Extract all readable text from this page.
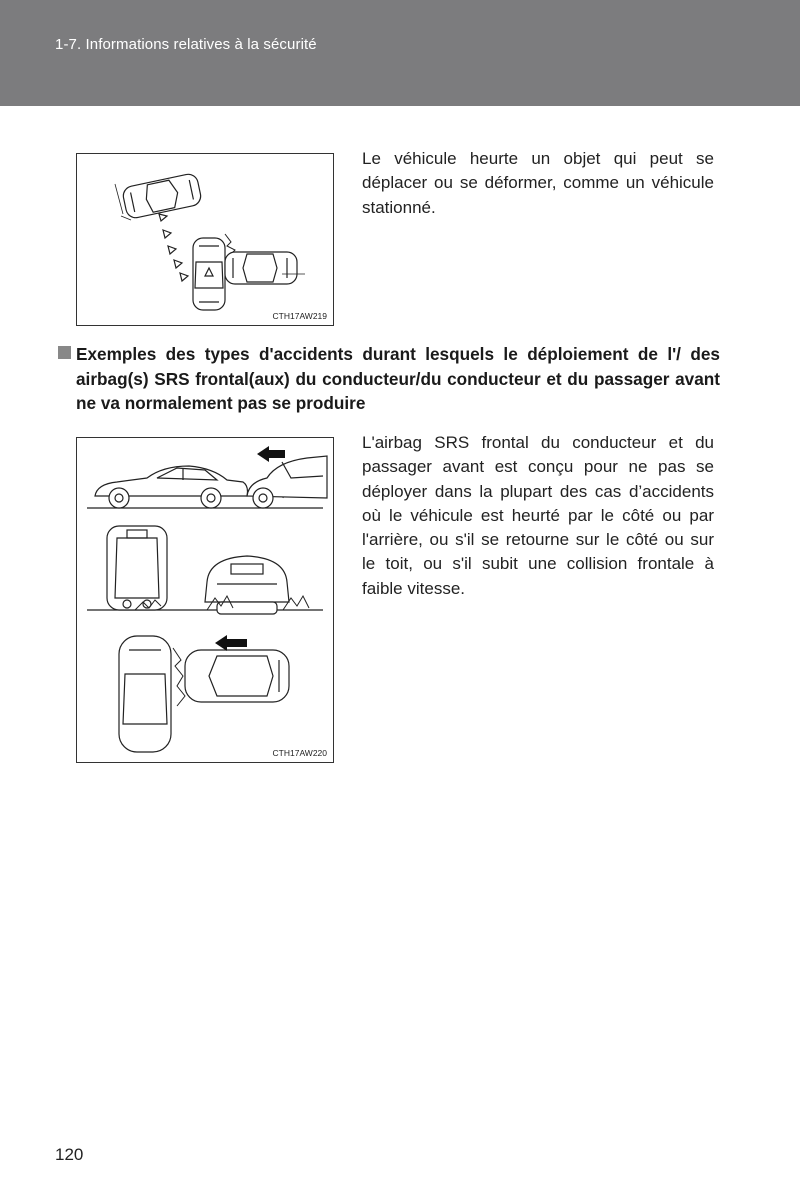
1-7. Informations relatives à la sécurité
CTH17AW219
Le véhicule heurte un objet qui peut se déplacer ou se déformer, comme un véhicule stationné.
Exemples des types d'accidents durant lesquels le déploiement de l'/ des airbag(s) SRS frontal(aux) du conducteur/du conducteur et du passager avant ne va normalement pas se produire
CTH17AW220
L'airbag SRS frontal du conducteur et du passager avant est conçu pour ne pas se déployer dans la plupart des cas d’accidents où le véhicule est heurté par le côté ou par l'arrière, ou s'il se retourne sur le côté ou sur le toit, ou s'il subit une collision frontale à faible vitesse.
120
